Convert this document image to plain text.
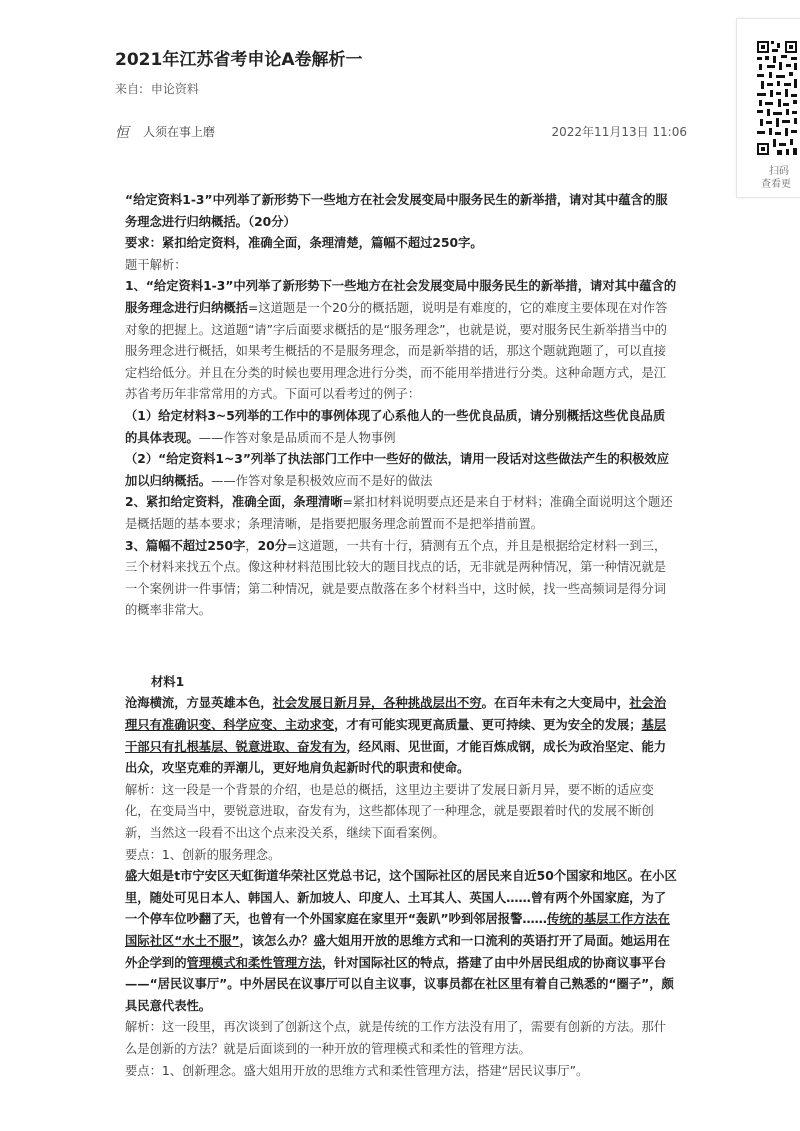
2021年江苏省考申论A卷解析一
来自: 申论资料
恒 人须在事上磨	2022年11月13日 11:06
扫码
查看更

“给定资料1-3”中列举了新形势下一些地方在社会发展变局中服务民生的新举措，请对其中蕴含的服务理念进行归纳概括。（20分）

要求：紧扣给定资料，准确全面，条理清楚，篇幅不超过250字。

题干解析：

1、“给定资料1-3”中列举了新形势下一些地方在社会发展变局中服务民生的新举措，请对其中蕴含的服务理念进行归纳概括=这道题是一个20分的概括题，说明是有难度的，它的难度主要体现在对作答对象的把握上。这道题“请”字后面要求概括的是“服务理念”，也就是说，要对服务民生新举措当中的服务理念进行概括，如果考生概括的不是服务理念，而是新举措的话，那这个题就跑题了，可以直接定档给低分。并且在分类的时候也要用理念进行分类，而不能用举措进行分类。这种命题方式，是江苏省考历年非常常用的方式。下面可以看考过的例子：

（1）给定材料3~5列举的工作中的事例体现了心系他人的一些优良品质，请分别概括这些优良品质的具体表现。——作答对象是品质而不是人物事例

（2）“给定资料1~3”列举了执法部门工作中一些好的做法，请用一段话对这些做法产生的积极效应加以归纳概括。——作答对象是积极效应而不是好的做法

2、紧扣给定资料，准确全面，条理清晰=紧扣材料说明要点还是来自于材料；准确全面说明这个题还是概括题的基本要求；条理清晰，是指要把服务理念前置而不是把举措前置。

3、篇幅不超过250字，20分=这道题，一共有十行，猜测有五个点，并且是根据给定材料一到三，三个材料来找五个点。像这种材料范围比较大的题目找点的话，无非就是两种情况，第一种情况就是一个案例讲一件事情；第二种情况，就是要点散落在多个材料当中，这时候，找一些高频词是得分词的概率非常大。

材料1

沧海横流，方显英雄本色，社会发展日新月异，各种挑战层出不穷。在百年未有之大变局中，社会治理只有准确识变、科学应变、主动求变，才有可能实现更高质量、更可持续、更为安全的发展；基层干部只有扎根基层、锐意进取、奋发有为，经风雨、见世面，才能百炼成钢，成长为政治坚定、能力出众，攻坚克难的弄潮儿，更好地肩负起新时代的职责和使命。

解析：这一段是一个背景的介绍，也是总的概括，这里边主要讲了发展日新月异，要不断的适应变化，在变局当中，要锐意进取，奋发有为，这些都体现了一种理念，就是要跟着时代的发展不断创新，当然这一段看不出这个点来没关系，继续下面看案例。

要点：1、创新的服务理念。

盛大姐是t市宁安区天虹街道华荣社区党总书记，这个国际社区的居民来自近50个国家和地区。在小区里，随处可见日本人、韩国人、新加坡人、印度人、土耳其人、英国人……曾有两个外国家庭，为了一个停车位吵翻了天，也曾有一个外国家庭在家里开“轰趴”吵到邻居报警……传统的基层工作方法在国际社区“水土不服”，该怎么办？盛大姐用开放的思维方式和一口流利的英语打开了局面。她运用在外企学到的管理模式和柔性管理方法，针对国际社区的特点，搭建了由中外居民组成的协商议事平台——“居民议事厅”。中外居民在议事厅可以自主议事，议事员都在社区里有着自己熟悉的“圈子”，颇具民意代表性。

解析：这一段里，再次谈到了创新这个点，就是传统的工作方法没有用了，需要有创新的方法。那什么是创新的方法？就是后面谈到的一种开放的管理模式和柔性的管理方法。

要点：1、创新理念。盛大姐用开放的思维方式和柔性管理方法，搭建“居民议事厅”。
